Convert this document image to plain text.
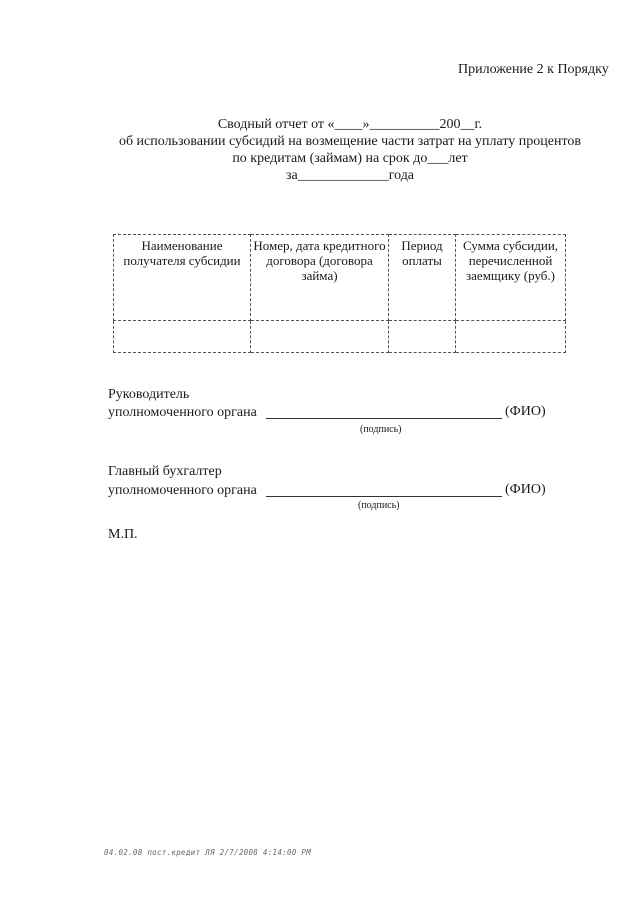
Приложение 2 к Порядку
Сводный отчет от «____»__________200__г.
об использовании субсидий на возмещение части затрат на уплату процентов
по кредитам (займам) на срок до___лет
за_____________года
Наименование получателя субсидии	Номер, дата кредитного договора (договора займа)	Период оплаты	Сумма субсидии, перечисленной заемщику (руб.)

Руководитель
уполномоченного органа	(ФИО)
(подпись)
Главный бухгалтер
уполномоченного органа	(ФИО)
(подпись)
М.П.
04.02.08 пост.кредит ЛЯ 2/7/2008 4:14:00 PM
